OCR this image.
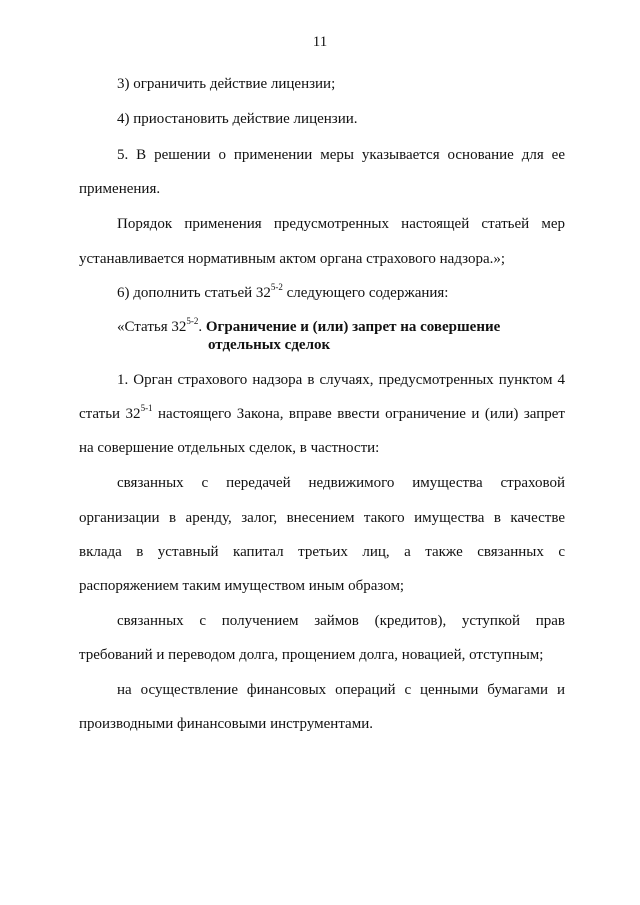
11
3) ограничить действие лицензии;
4) приостановить действие лицензии.
5. В решении о применении меры указывается основание для ее
применения.
Порядок применения предусмотренных настоящей статьей мер
устанавливается нормативным актом органа страхового надзора.»;
6) дополнить статьей 32$^{5-2}$ следующего содержания:
«Статья 32$^{5-2}$. Ограничение и (или) запрет на совершение
отдельных сделок
1. Орган страхового надзора в случаях, предусмотренных пунктом 4
статьи 32$^{5-1}$ настоящего Закона, вправе ввести ограничение и (или) запрет
на совершение отдельных сделок, в частности:
связанных с передачей недвижимого имущества страховой
организации в аренду, залог, внесением такого имущества в качестве
вклада в уставный капитал третьих лиц, а также связанных с
распоряжением таким имуществом иным образом;
связанных с получением займов (кредитов), уступкой прав
требований и переводом долга, прощением долга, новацией, отступным;
на осуществление финансовых операций с ценными бумагами и
производными финансовыми инструментами.
